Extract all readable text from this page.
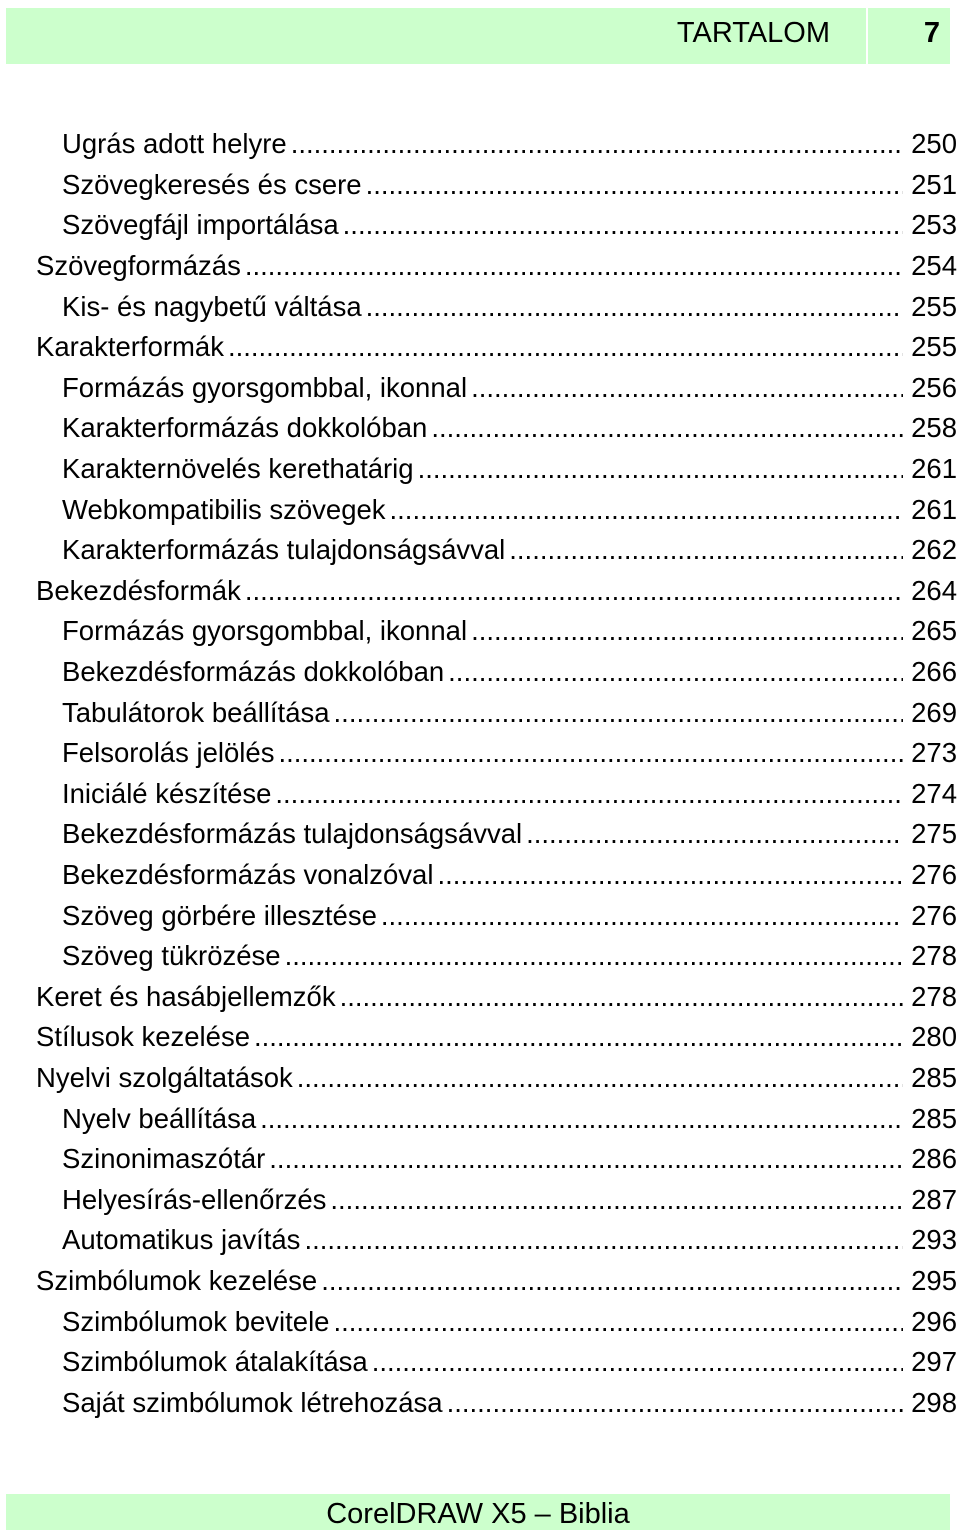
TARTALOM	7
Ugrás adott helyre .....	250
Szövegkeresés és csere .....	251
Szövegfájl importálása .....	253
Szövegformázás .....	254
Kis- és nagybetű váltása .....	255
Karakterformák .....	255
Formázás gyorsgombbal, ikonnal .....	256
Karakterformázás dokkolóban .....	258
Karakternövelés kerethatárig .....	261
Webkompatibilis szövegek .....	261
Karakterformázás tulajdonságsávval .....	262
Bekezdésformák .....	264
Formázás gyorsgombbal, ikonnal .....	265
Bekezdésformázás dokkolóban .....	266
Tabulátorok beállítása .....	269
Felsorolás jelölés .....	273
Iniciálé készítése .....	274
Bekezdésformázás tulajdonságsávval .....	275
Bekezdésformázás vonalzóval .....	276
Szöveg görbére illesztése .....	276
Szöveg tükrözése .....	278
Keret és hasábjellemzők .....	278
Stílusok kezelése .....	280
Nyelvi szolgáltatások .....	285
Nyelv beállítása .....	285
Szinonimaszótár .....	286
Helyesírás-ellenőrzés .....	287
Automatikus javítás .....	293
Szimbólumok kezelése .....	295
Szimbólumok bevitele .....	296
Szimbólumok átalakítása .....	297
Saját szimbólumok létrehozása .....	298
CorelDRAW X5 – Biblia
